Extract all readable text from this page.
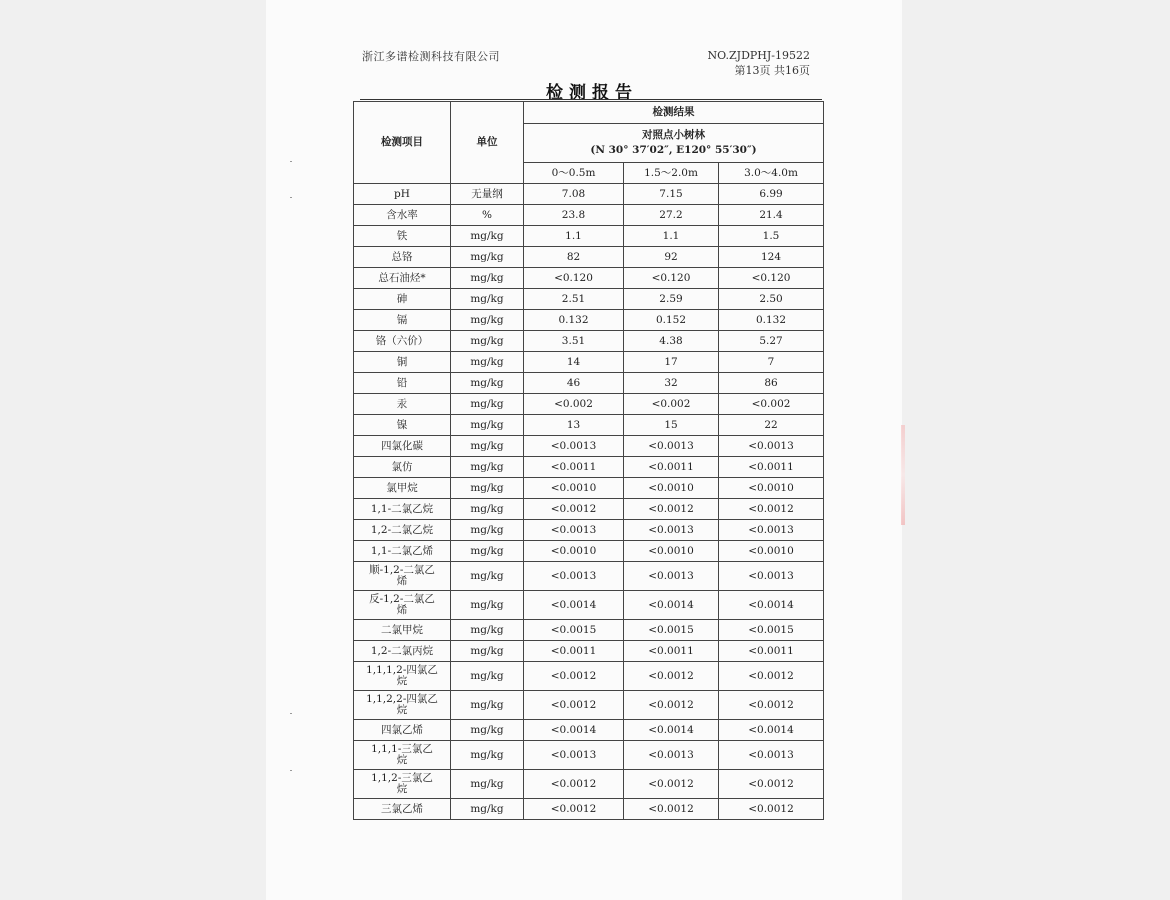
浙江多谱检测科技有限公司	NO.ZJDPHJ-19522
第13页 共16页
检测报告
检测项目	单位	检测结果		

		对照点小树林
(N 30° 37′02″, E120° 55′30″)		

		0～0.5m	1.5～2.0m	3.0～4.0m
pH	无量纲	7.08	7.15	6.99
含水率	%	23.8	27.2	21.4
铁	mg/kg	1.1	1.1	1.5
总铬	mg/kg	82	92	124
总石油烃*	mg/kg	<0.120	<0.120	<0.120
砷	mg/kg	2.51	2.59	2.50
镉	mg/kg	0.132	0.152	0.132
铬（六价）	mg/kg	3.51	4.38	5.27
铜	mg/kg	14	17	7
铅	mg/kg	46	32	86
汞	mg/kg	<0.002	<0.002	<0.002
镍	mg/kg	13	15	22
四氯化碳	mg/kg	<0.0013	<0.0013	<0.0013
氯仿	mg/kg	<0.0011	<0.0011	<0.0011
氯甲烷	mg/kg	<0.0010	<0.0010	<0.0010
1,1-二氯乙烷	mg/kg	<0.0012	<0.0012	<0.0012
1,2-二氯乙烷	mg/kg	<0.0013	<0.0013	<0.0013
1,1-二氯乙烯	mg/kg	<0.0010	<0.0010	<0.0010
顺-1,2-二氯乙烯	mg/kg	<0.0013	<0.0013	<0.0013
反-1,2-二氯乙烯	mg/kg	<0.0014	<0.0014	<0.0014
二氯甲烷	mg/kg	<0.0015	<0.0015	<0.0015
1,2-二氯丙烷	mg/kg	<0.0011	<0.0011	<0.0011
1,1,1,2-四氯乙烷	mg/kg	<0.0012	<0.0012	<0.0012
1,1,2,2-四氯乙烷	mg/kg	<0.0012	<0.0012	<0.0012
四氯乙烯	mg/kg	<0.0014	<0.0014	<0.0014
1,1,1-三氯乙烷	mg/kg	<0.0013	<0.0013	<0.0013
1,1,2-三氯乙烷	mg/kg	<0.0012	<0.0012	<0.0012
三氯乙烯	mg/kg	<0.0012	<0.0012	<0.0012
